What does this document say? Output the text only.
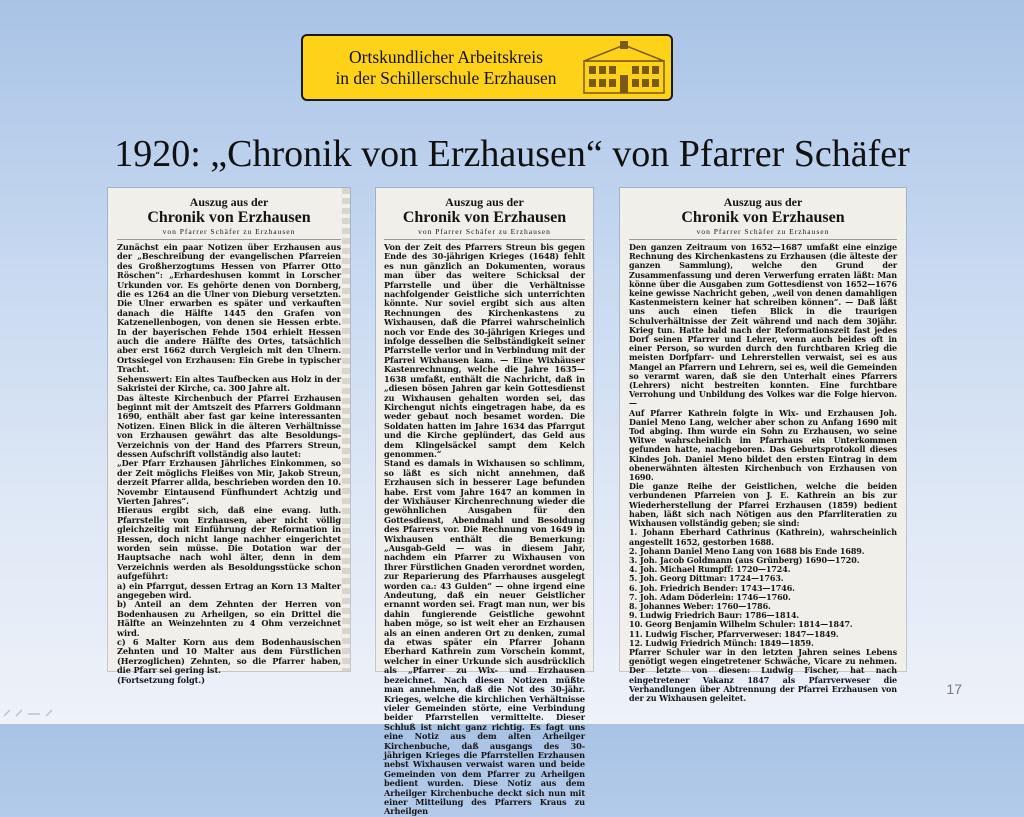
Ortskundlicher Arbeitskreis
in der Schillerschule Erzhausen
1920: „Chronik von Erzhausen“ von Pfarrer Schäfer
Auszug aus der
Chronik von Erzhausen
von Pfarrer Schäfer zu Erzhausen
Zunächst ein paar Notizen über Erzhausen aus der „Beschreibung der evangelischen Pfarreien des Großherzogtums Hessen von Pfarrer Otto Röschen“: „Erhardeshusen kommt in Lorscher Urkunden vor. Es gehörte denen von Dornberg, die es 1264 an die Ulner von Dieburg versetzten. Die Ulner erwarben es später und verkauften danach die Hälfte 1445 den Grafen von Katzenellenbogen, von denen sie Hessen erbte. In der bayerischen Fehde 1504 erhielt Hessen auch die andere Hälfte des Ortes, tatsächlich aber erst 1662 durch Vergleich mit den Ulnern. Ortssiegel von Erzhausen: Ein Grebe in typischer Tracht.
Sehenswert: Ein altes Taufbecken aus Holz in der Sakristei der Kirche, ca. 300 Jahre alt.
Das älteste Kirchenbuch der Pfarrei Erzhausen beginnt mit der Amtszeit des Pfarrers Goldmann 1690, enthält aber fast gar keine interessanten Notizen. Einen Blick in die älteren Verhältnisse von Erzhausen gewährt das alte Besoldungs-Verzeichnis von der Hand des Pfarrers Streun, dessen Aufschrift vollständig also lautet:
„Der Pfarr Erzhausen Jährliches Einkommen, so der Zeit möglichs Fleißes von Mir, Jakob Streun, derzeit Pfarrer allda, beschrieben worden den 10. Novembr Eintausend Fünfhundert Achtzig und Vierten Jahres“.
Hieraus ergibt sich, daß eine evang. luth. Pfarrstelle von Erzhausen, aber nicht völlig gleichzeitig mit Einführung der Reformation in Hessen, doch nicht lange nachher eingerichtet worden sein müsse. Die Dotation war der Hauptsache nach wohl älter, denn in dem Verzeichnis werden als Besoldungsstücke schon aufgeführt:
a) ein Pfarrgut, dessen Ertrag an Korn 13 Malter angegeben wird.
b) Anteil an dem Zehnten der Herren von Bodenhausen zu Arheilgen, so ein Drittel die Hälfte an Weinzehnten zu 4 Ohm verzeichnet wird.
c) 6 Malter Korn aus dem Bodenhausischen Zehnten und 10 Malter aus dem Fürstlichen (Herzoglichen) Zehnten, so die Pfarrer haben, die Pfarr sei gering ist.
(Fortsetzung folgt.)
Auszug aus der
Chronik von Erzhausen
von Pfarrer Schäfer zu Erzhausen
Von der Zeit des Pfarrers Streun bis gegen Ende des 30-jährigen Krieges (1648) fehlt es nun gänzlich an Dokumenten, woraus man über das weitere Schicksal der Pfarrstelle und über die Verhältnisse nachfolgender Geistliche sich unterrichten könnte. Nur soviel ergibt sich aus alten Rechnungen des Kirchenkastens zu Wixhausen, daß die Pfarrei wahrscheinlich noch vor Ende des 30-jährigen Krieges und infolge desselben die Selbständigkeit seiner Pfarrstelle verlor und in Verbindung mit der Pfarrei Wixhausen kam. — Eine Wixhäuser Kastenrechnung, welche die Jahre 1635—1638 umfaßt, enthält die Nachricht, daß in „diesen bösen Jahren gar kein Gottesdienst zu Wixhausen gehalten worden sei, das Kirchengut nichts eingetragen habe, da es weder gebaut noch besamet worden. Die Soldaten hatten im Jahre 1634 das Pfarrgut und die Kirche geplündert, das Geld aus dem Klingelsäckel sampt dem Kelch genommen.“
Stand es damals in Wixhausen so schlimm, so läßt es sich nicht annehmen, daß Erzhausen sich in besserer Lage befunden habe. Erst vom Jahre 1647 an kommen in der Wixhäuser Kirchenrechnung wieder die gewöhnlichen Ausgaben für den Gottesdienst, Abendmahl und Besoldung des Pfarrers vor. Die Rechnung von 1649 in Wixhausen enthält die Bemerkung: „Ausgab-Geld — was in diesem Jahr, nachdem ein Pfarrer zu Wixhausen von Ihrer Fürstlichen Gnaden verordnet worden, zur Reparierung des Pfarrhauses ausgelegt worden ca.: 43 Gulden“ — ohne irgend eine Andeutung, daß ein neuer Geistlicher ernannt worden sei. Fragt man nun, wer bis dahin fungierende Geistliche gewohnt haben möge, so ist weit eher an Erzhausen als an einen anderen Ort zu denken, zumal da etwas später ein Pfarrer Johann Eberhard Kathrein zum Vorschein kommt, welcher in einer Urkunde sich ausdrücklich als „Pfarrer zu Wix- und Erzhausen bezeichnet. Nach diesen Notizen müßte man annehmen, daß die Not des 30-jähr. Krieges, welche die kirchlichen Verhältnisse vieler Gemeinden störte, eine Verbindung beider Pfarrstellen vermittelte. Dieser Schluß ist nicht ganz richtig. Es fagt uns eine Notiz aus dem alten Arheilger Kirchenbuche, daß ausgangs des 30-jährigen Krieges die Pfarrstellen Erzhausen nebst Wixhausen verwaist waren und beide Gemeinden von dem Pfarrer zu Arheilgen bedient wurden. Diese Notiz aus dem Arheilger Kirchenbuche deckt sich nun mit einer Mitteilung des Pfarrers Kraus zu Arheilgen
Auszug aus der
Chronik von Erzhausen
von Pfarrer Schäfer zu Erzhausen
Den ganzen Zeitraum von 1652—1687 umfaßt eine einzige Rechnung des Kirchenkastens zu Erzhausen (die älteste der ganzen Sammlung), welche den Grund der Zusammenfassung und deren Verwerfung erraten läßt: Man könne über die Ausgaben zum Gottesdienst von 1652—1676 keine gewisse Nachricht geben, „weil von denen damahligen Kastenmeistern keiner hat schreiben können“. — Daß läßt uns auch einen tiefen Blick in die traurigen Schulverhältnisse der Zeit während und nach dem 30jähr. Krieg tun. Hatte bald nach der Reformationszeit fast jedes Dorf seinen Pfarrer und Lehrer, wenn auch beides oft in einer Person, so wurden durch den furchtbaren Krieg die meisten Dorfpfarr- und Lehrerstellen verwaist, sei es aus Mangel an Pfarrern und Lehrern, sei es, weil die Gemeinden so verarmt waren, daß sie den Unterhalt eines Pfarrers (Lehrers) nicht bestreiten konnten. Eine furchtbare Verrohung und Unbildung des Volkes war die Folge hiervon. —
Auf Pfarrer Kathrein folgte in Wix- und Erzhausen Joh. Daniel Meno Lang, welcher aber schon zu Anfang 1690 mit Tod abging. Ihm wurde ein Sohn zu Erzhausen, wo seine Witwe wahrscheinlich im Pfarrhaus ein Unterkommen gefunden hatte, nachgeboren. Das Geburtsprotokoll dieses Kindes Joh. Daniel Meno bildet den ersten Eintrag in dem obenerwähnten ältesten Kirchenbuch von Erzhausen von 1690.
Die ganze Reihe der Geistlichen, welche die beiden verbundenen Pfarreien von J. E. Kathrein an bis zur Wiederherstellung der Pfarrei Erzhausen (1859) bedient haben, läßt sich nach Nötigen aus den Pfarrliteratien zu Wixhausen vollständig geben; sie sind:
1. Johann Eberhard Cathrinus (Kathrein), wahrscheinlich angestellt 1652, gestorben 1688.
2. Johann Daniel Meno Lang von 1688 bis Ende 1689.
3. Joh. Jacob Goldmann (aus Grünberg) 1690—1720.
4. Joh. Michael Rumpff: 1720—1724.
5. Joh. Georg Dittmar: 1724—1763.
6. Joh. Friedrich Bender: 1743—1746.
7. Joh. Adam Döderlein: 1746—1760.
8. Johannes Weber: 1760—1786.
9. Ludwig Friedrich Baur: 1786—1814.
10. Georg Benjamin Wilhelm Schuler: 1814—1847.
11. Ludwig Fischer, Pfarrverweser: 1847—1849.
12. Ludwig Friedrich Münch: 1849—1859.
Pfarrer Schuler war in den letzten Jahren seines Lebens genötigt wegen eingetretener Schwäche, Vicare zu nehmen. Der letzte von diesen: Ludwig Fischer, hat nach eingetretener Vakanz 1847 als Pfarrverweser die Verhandlungen über Abtrennung der Pfarrei Erzhausen von der zu Wixhausen geleitet.
17
